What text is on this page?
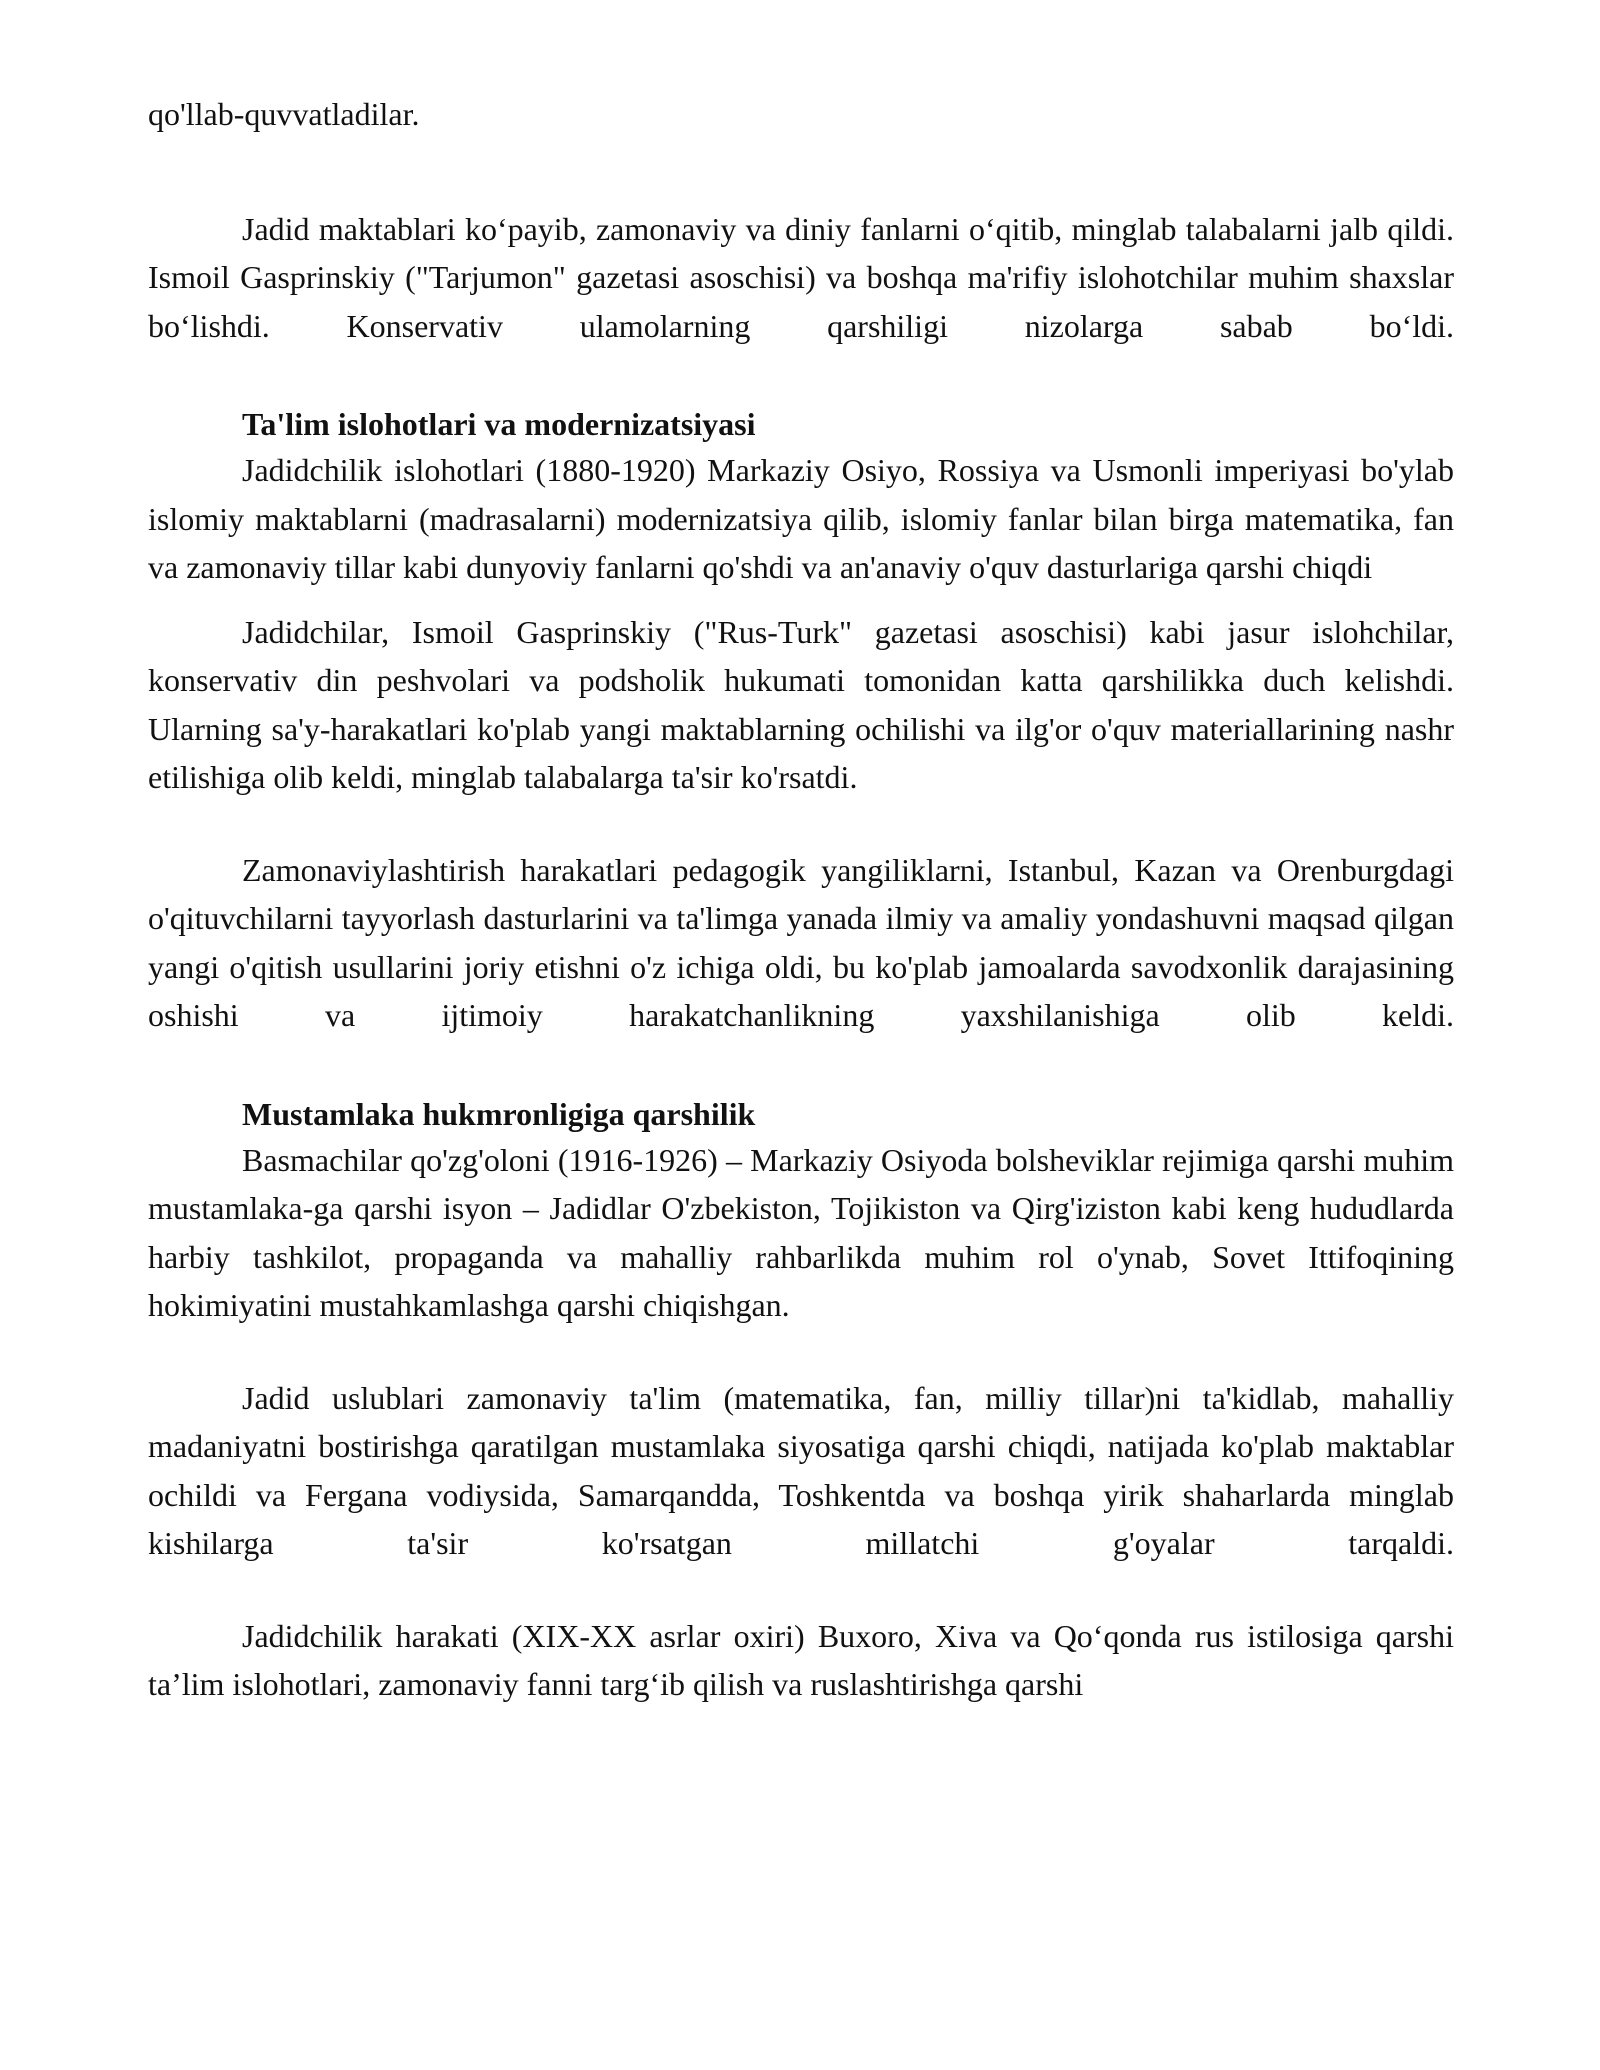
qo'llab-quvvatladilar.

Jadid maktablari ko‘payib, zamonaviy va diniy fanlarni o‘qitib, minglab talabalarni jalb qildi. Ismoil Gasprinskiy ("Tarjumon" gazetasi asoschisi) va boshqa ma'rifiy islohotchilar muhim shaxslar bo‘lishdi. Konservativ ulamolarning qarshiligi nizolarga sabab bo‘ldi.

Ta'lim islohotlari va modernizatsiyasi

Jadidchilik islohotlari (1880-1920) Markaziy Osiyo, Rossiya va Usmonli imperiyasi bo'ylab islomiy maktablarni (madrasalarni) modernizatsiya qilib, islomiy fanlar bilan birga matematika, fan va zamonaviy tillar kabi dunyoviy fanlarni qo'shdi va an'anaviy o'quv dasturlariga qarshi chiqdi

Jadidchilar, Ismoil Gasprinskiy ("Rus-Turk" gazetasi asoschisi) kabi jasur islohchilar, konservativ din peshvolari va podsholik hukumati tomonidan katta qarshilikka duch kelishdi. Ularning sa'y-harakatlari ko'plab yangi maktablarning ochilishi va ilg'or o'quv materiallarining nashr etilishiga olib keldi, minglab talabalarga ta'sir ko'rsatdi.

Zamonaviylashtirish harakatlari pedagogik yangiliklarni, Istanbul, Kazan va Orenburgdagi o'qituvchilarni tayyorlash dasturlarini va ta'limga yanada ilmiy va amaliy yondashuvni maqsad qilgan yangi o'qitish usullarini joriy etishni o'z ichiga oldi, bu ko'plab jamoalarda savodxonlik darajasining oshishi va ijtimoiy harakatchanlikning yaxshilanishiga olib keldi.

Mustamlaka hukmronligiga qarshilik

Basmachilar qo'zg'oloni (1916-1926) – Markaziy Osiyoda bolsheviklar rejimiga qarshi muhim mustamlaka-ga qarshi isyon – Jadidlar O'zbekiston, Tojikiston va Qirg'iziston kabi keng hududlarda harbiy tashkilot, propaganda va mahalliy rahbarlikda muhim rol o'ynab, Sovet Ittifoqining hokimiyatini mustahkamlashga qarshi chiqishgan.

Jadid uslublari zamonaviy ta'lim (matematika, fan, milliy tillar)ni ta'kidlab, mahalliy madaniyatni bostirishga qaratilgan mustamlaka siyosatiga qarshi chiqdi, natijada ko'plab maktablar ochildi va Fergana vodiysida, Samarqandda, Toshkentda va boshqa yirik shaharlarda minglab kishilarga ta'sir ko'rsatgan millatchi g'oyalar tarqaldi.

Jadidchilik harakati (XIX-XX asrlar oxiri) Buxoro, Xiva va Qo‘qonda rus istilosiga qarshi ta’lim islohotlari, zamonaviy fanni targ‘ib qilish va ruslashtirishga qarshi
